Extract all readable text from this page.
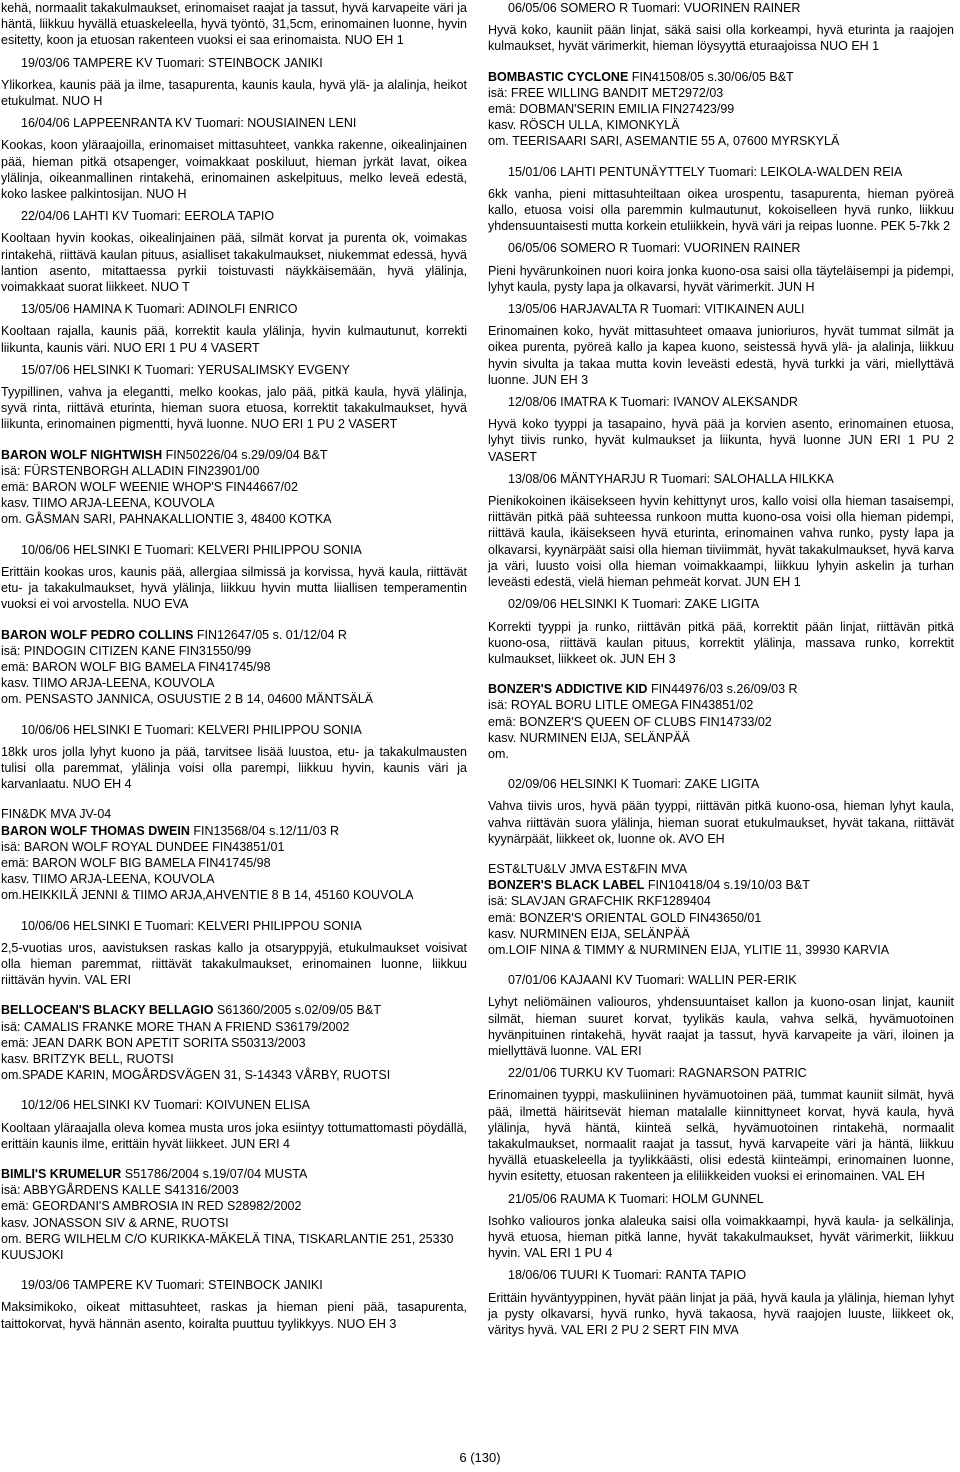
kehä, normaalit takakulmaukset, erinomaiset raajat ja tassut, hyvä karvapeite väri ja häntä, liikkuu hyvällä etuaskeleella, hyvä työntö, 31,5cm, erinomainen luonne, hyvin esitetty, koon ja etuosan rakenteen vuoksi ei saa erinomaista. NUO EH 1
19/03/06 TAMPERE KV Tuomari: STEINBOCK JANIKI
Ylikorkea, kaunis pää ja ilme, tasapurenta, kaunis kaula, hyvä ylä- ja alalinja, heikot etukulmat. NUO H
16/04/06 LAPPEENRANTA KV Tuomari: NOUSIAINEN LENI
Kookas, koon yläraajoilla, erinomaiset mittasuhteet, vankka rakenne, oikealinjainen pää, hieman pitkä otsapenger, voimakkaat poskiluut, hieman jyrkät lavat, oikea ylälinja, oikeanmallinen rintakehä, erinomainen askelpituus, melko leveä edestä, koko laskee palkintosijan. NUO H
22/04/06 LAHTI KV Tuomari: EEROLA TAPIO
Kooltaan hyvin kookas, oikealinjainen pää, silmät korvat ja purenta ok, voimakas rintakehä, riittävä kaulan pituus, asialliset takakulmaukset, niukemmat edessä, hyvä lantion asento, mitattaessa pyrkii toistuvasti näykkäisemään, hyvä ylälinja, voimakkaat suorat liikkeet. NUO T
13/05/06 HAMINA K Tuomari: ADINOLFI ENRICO
Kooltaan rajalla, kaunis pää, korrektit kaula ylälinja, hyvin kulmautunut, korrekti liikunta, kaunis väri. NUO ERI 1 PU 4 VASERT
15/07/06 HELSINKI K Tuomari: YERUSALIMSKY EVGENY
Tyypillinen, vahva ja elegantti, melko kookas, jalo pää, pitkä kaula, hyvä ylälinja, syvä rinta, riittävä eturinta, hieman suora etuosa, korrektit takakulmaukset, hyvä liikunta, erinomainen pigmentti, hyvä luonne. NUO ERI 1 PU 2 VASERT
BARON WOLF NIGHTWISH FIN50226/04 s.29/09/04 B&T
isä: FÜRSTENBORGH ALLADIN FIN23901/00
emä: BARON WOLF WEENIE WHOP'S FIN44667/02
kasv. TIIMO ARJA-LEENA, KOUVOLA
om. GÅSMAN SARI, PAHNAKALLIONTIE 3, 48400 KOTKA
10/06/06 HELSINKI E Tuomari: KELVERI PHILIPPOU SONIA
Erittäin kookas uros, kaunis pää, allergiaa silmissä ja korvissa, hyvä kaula, riittävät etu- ja takakulmaukset, hyvä ylälinja, liikkuu hyvin mutta liiallisen temperamentin vuoksi ei voi arvostella. NUO EVA
BARON WOLF PEDRO COLLINS FIN12647/05 s. 01/12/04 R
isä: PINDOGIN CITIZEN KANE FIN31550/99
emä: BARON WOLF BIG BAMELA FIN41745/98
kasv. TIIMO ARJA-LEENA, KOUVOLA
om. PENSASTO JANNICA, OSUUSTIE 2 B 14, 04600 MÄNTSÄLÄ
10/06/06 HELSINKI E Tuomari: KELVERI PHILIPPOU SONIA
18kk uros jolla lyhyt kuono ja pää, tarvitsee lisää luustoa, etu- ja takakulmausten tulisi olla paremmat, ylälinja voisi olla parempi, liikkuu hyvin, kaunis väri ja karvanlaatu. NUO EH 4
FIN&DK MVA JV-04
BARON WOLF THOMAS DWEIN FIN13568/04 s.12/11/03 R
isä: BARON WOLF ROYAL DUNDEE FIN43851/01
emä: BARON WOLF BIG BAMELA FIN41745/98
kasv. TIIMO ARJA-LEENA, KOUVOLA
om.HEIKKILÄ JENNI & TIIMO ARJA,AHVENTIE 8 B 14, 45160 KOUVOLA
10/06/06 HELSINKI E Tuomari: KELVERI PHILIPPOU SONIA
2,5-vuotias uros, aavistuksen raskas kallo ja otsaryppyjä, etukulmaukset voisivat olla hieman paremmat, riittävät takakulmaukset, erinomainen luonne, liikkuu riittävän hyvin. VAL ERI
BELLOCEAN'S BLACKY BELLAGIO S61360/2005 s.02/09/05 B&T
isä: CAMALIS FRANKE MORE THAN A FRIEND S36179/2002
emä: JEAN DARK BON APETIT SORITA S50313/2003
kasv. BRITZYK BELL, RUOTSI
om.SPADE KARIN, MOGÅRDSVÄGEN 31, S-14343 VÅRBY, RUOTSI
10/12/06 HELSINKI KV Tuomari: KOIVUNEN ELISA
Kooltaan yläraajalla oleva komea musta uros joka esiintyy tottumattomasti pöydällä, erittäin kaunis ilme, erittäin hyvät liikkeet. JUN ERI 4
BIMLI'S KRUMELUR S51786/2004 s.19/07/04 MUSTA
isä: ABBYGÅRDENS KALLE S41316/2003
emä: GEORDANI'S AMBROSIA IN RED S28982/2002
kasv. JONASSON SIV & ARNE, RUOTSI
om. BERG WILHELM C/O KURIKKA-MÄKELÄ TINA, TISKARLANTIE 251, 25330 KUUSJOKI
19/03/06 TAMPERE KV Tuomari: STEINBOCK JANIKI
Maksimikoko, oikeat mittasuhteet, raskas ja hieman pieni pää, tasapurenta, taittokorvat, hyvä hännän asento, koiralta puuttuu tyylikkyys. NUO EH 3
06/05/06 SOMERO R Tuomari: VUORINEN RAINER
Hyvä koko, kauniit pään linjat, säkä saisi olla korkeampi, hyvä eturinta ja raajojen kulmaukset, hyvät värimerkit, hieman löysyyttä eturaajoissa NUO EH 1
BOMBASTIC CYCLONE FIN41508/05 s.30/06/05 B&T
isä: FREE WILLING BANDIT MET2972/03
emä: DOBMAN'SERIN EMILIA FIN27423/99
kasv. RÖSCH ULLA, KIMONKYLÄ
om. TEERISAARI SARI, ASEMANTIE 55 A, 07600 MYRSKYLÄ
15/01/06 LAHTI PENTUNÄYTTELY Tuomari: LEIKOLA-WALDEN REIA
6kk vanha, pieni mittasuhteiltaan oikea urospentu, tasapurenta, hieman pyöreä kallo, etuosa voisi olla paremmin kulmautunut, kokoiselleen hyvä runko, liikkuu yhdensuuntaisesti mutta korkein etuliikkein, hyvä väri ja reipas luonne. PEK 5-7kk 2
06/05/06 SOMERO R Tuomari: VUORINEN RAINER
Pieni hyvärunkoinen nuori koira jonka kuono-osa saisi olla täyteläisempi ja pidempi, lyhyt kaula, pysty lapa ja olkavarsi, hyvät värimerkit. JUN H
13/05/06 HARJAVALTA R Tuomari: VITIKAINEN AULI
Erinomainen koko, hyvät mittasuhteet omaava junioriuros, hyvät tummat silmät ja oikea purenta, pyöreä kallo ja kapea kuono, seistessä hyvä ylä- ja alalinja, liikkuu hyvin sivulta ja takaa mutta kovin leveästi edestä, hyvä turkki ja väri, miellyttävä luonne. JUN EH 3
12/08/06 IMATRA K Tuomari: IVANOV ALEKSANDR
Hyvä koko tyyppi ja tasapaino, hyvä pää ja korvien asento, erinomainen etuosa, lyhyt tiivis runko, hyvät kulmaukset ja liikunta, hyvä luonne JUN ERI 1 PU 2 VASERT
13/08/06 MÄNTYHARJU R Tuomari: SALOHALLA HILKKA
Pienikokoinen ikäisekseen hyvin kehittynyt uros, kallo voisi olla hieman tasaisempi, riittävän pitkä pää suhteessa runkoon mutta kuono-osa voisi olla hieman pidempi, riittävä kaula, ikäisekseen hyvä eturinta, erinomainen vahva runko, pysty lapa ja olkavarsi, kyynärpäät saisi olla hieman tiiviimmät, hyvät takakulmaukset, hyvä karva ja väri, luusto voisi olla hieman voimakkaampi, liikkuu lyhyin askelin ja turhan leveästi edestä, vielä hieman pehmeät korvat. JUN EH 1
02/09/06 HELSINKI K Tuomari: ZAKE LIGITA
Korrekti tyyppi ja runko, riittävän pitkä pää, korrektit pään linjat, riittävän pitkä kuono-osa, riittävä kaulan pituus, korrektit ylälinja, massava runko, korrektit kulmaukset, liikkeet ok. JUN EH 3
BONZER'S ADDICTIVE KID FIN44976/03 s.26/09/03 R
isä: ROYAL BORU LITLE OMEGA FIN43851/02
emä: BONZER'S QUEEN OF CLUBS FIN14733/02
kasv. NURMINEN EIJA, SELÄNPÄÄ
om.
02/09/06 HELSINKI K Tuomari: ZAKE LIGITA
Vahva tiivis uros, hyvä pään tyyppi, riittävän pitkä kuono-osa, hieman lyhyt kaula, vahva riittävän suora ylälinja, hieman suorat etukulmaukset, hyvät takana, riittävät kyynärpäät, liikkeet ok, luonne ok. AVO EH
EST&LTU&LV JMVA EST&FIN MVA
BONZER'S BLACK LABEL FIN10418/04 s.19/10/03 B&T
isä: SLAVJAN GRAFCHIK RKF1289404
emä: BONZER'S ORIENTAL GOLD FIN43650/01
kasv. NURMINEN EIJA, SELÄNPÄÄ
om.LOIF NINA & TIMMY & NURMINEN EIJA, YLITIE 11, 39930 KARVIA
07/01/06 KAJAANI KV Tuomari: WALLIN PER-ERIK
Lyhyt neliömäinen valiouros, yhdensuuntaiset kallon ja kuono-osan linjat, kauniit silmät, hieman suuret korvat, tyylikäs kaula, vahva selkä, hyvämuotoinen hyvänpituinen rintakehä, hyvät raajat ja tassut, hyvä karvapeite ja väri, iloinen ja miellyttävä luonne. VAL ERI
22/01/06 TURKU KV Tuomari: RAGNARSON PATRIC
Erinomainen tyyppi, maskuliininen hyvämuotoinen pää, tummat kauniit silmät, hyvä pää, ilmettä häiritsevät hieman matalalle kiinnittyneet korvat, hyvä kaula, hyvä ylälinja, hyvä häntä, kiinteä selkä, hyvämuotoinen rintakehä, normaalit takakulmaukset, normaalit raajat ja tassut, hyvä karvapeite väri ja häntä, liikkuu hyvällä etuaskeleella ja tyylikkäästi, olisi edestä kiinteämpi, erinomainen luonne, hyvin esitetty, etuosan rakenteen ja eliliikkeiden vuoksi ei erinomainen. VAL EH
21/05/06 RAUMA K Tuomari: HOLM GUNNEL
Isohko valiouros jonka alaleuka saisi olla voimakkaampi, hyvä kaula- ja selkälinja, hyvä etuosa, hieman pitkä lanne, hyvät takakulmaukset, hyvät värimerkit, liikkuu hyvin. VAL ERI 1 PU 4
18/06/06 TUURI K Tuomari: RANTA TAPIO
Erittäin hyväntyyppinen, hyvät pään linjat ja pää, hyvä kaula ja ylälinja, hieman lyhyt ja pysty olkavarsi, hyvä runko, hyvä takaosa, hyvä raajojen luuste, liikkeet ok, väritys hyvä. VAL ERI 2 PU 2 SERT FIN MVA
6 (130)
